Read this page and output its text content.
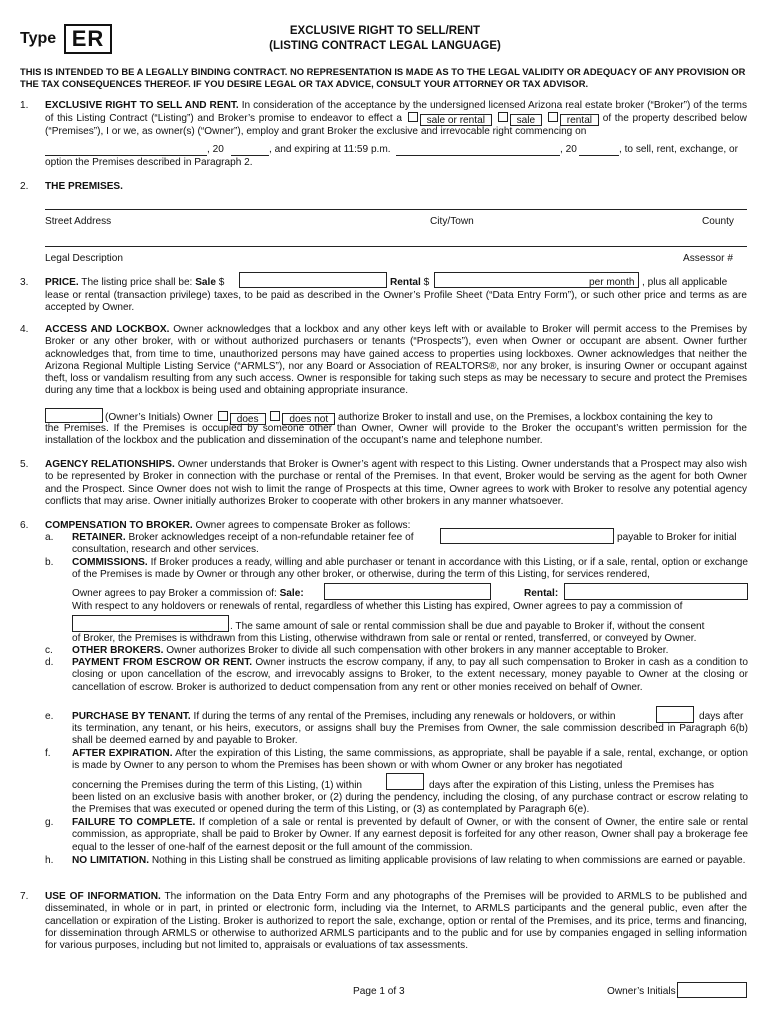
Type ER	EXCLUSIVE RIGHT TO SELL/RENT
(LISTING CONTRACT LEGAL LANGUAGE)
THIS IS INTENDED TO BE A LEGALLY BINDING CONTRACT. NO REPRESENTATION IS MADE AS TO THE LEGAL VALIDITY OR ADEQUACY OF ANY PROVISION OR THE TAX CONSEQUENCES THEREOF. IF YOU DESIRE LEGAL OR TAX ADVICE, CONSULT YOUR ATTORNEY OR TAX ADVISOR.
1. EXCLUSIVE RIGHT TO SELL AND RENT. In consideration of the acceptance by the undersigned licensed Arizona real estate broker (“Broker”) of the terms of this Listing Contract (“Listing”) and Broker’s promise to endeavor to effect a sale or rental	sale	rental of the property described below (“Premises”), I or we, as owner(s) (“Owner”), employ and grant Broker the exclusive and irrevocable right commencing on
, 20	, and expiring at 11:59 p.m.	, 20	, to sell, rent, exchange, or
option the Premises described in Paragraph 2.
2. THE PREMISES.
Street Address	City/Town	County
Legal Description	Assessor #
3. PRICE. The listing price shall be: Sale $	Rental $	per month , plus all applicable
lease or rental (transaction privilege) taxes, to be paid as described in the Owner’s Profile Sheet (“Data Entry Form”), or such other price and terms as are accepted by Owner.
4. ACCESS AND LOCKBOX. Owner acknowledges that a lockbox and any other keys left with or available to Broker will permit access to the Premises by Broker or any other broker, with or without authorized purchasers or tenants (“Prospects”), even when Owner or occupant are absent. Owner further acknowledges that, from time to time, unauthorized persons may have gained access to properties using lockboxes. Owner acknowledges that neither the Arizona Regional Multiple Listing Service (“ARMLS”), nor any Board or Association of REALTORS®, nor any broker, is insuring Owner or occupant against theft, loss or vandalism resulting from any such access. Owner is responsible for taking such steps as may be necessary to secure and protect the Premises during any time that a lockbox is being used and obtaining appropriate insurance.
(Owner’s Initials) Owner does	does not authorize Broker to install and use, on the Premises, a lockbox containing the key to
the Premises. If the Premises is occupied by someone other than Owner, Owner will provide to the Broker the occupant’s written permission for the installation of the lockbox and the publication and dissemination of the occupant’s name and telephone number.
5. AGENCY RELATIONSHIPS. Owner understands that Broker is Owner’s agent with respect to this Listing. Owner understands that a Prospect may also wish to be represented by Broker in connection with the purchase or rental of the Premises. In that event, Broker would be serving as the agent for both Owner and the Prospect. Since Owner does not wish to limit the range of Prospects at this time, Owner agrees to work with Broker to resolve any potential agency conflicts that may arise. Owner initially authorizes Broker to cooperate with other brokers in any manner whatsoever.
6. COMPENSATION TO BROKER. Owner agrees to compensate Broker as follows:
a. RETAINER. Broker acknowledges receipt of a non-refundable retainer fee of	payable to Broker for initial
consultation, research and other services.
b. COMMISSIONS. If Broker produces a ready, willing and able purchaser or tenant in accordance with this Listing, or if a sale, rental, option or exchange of the Premises is made by Owner or through any other broker, or otherwise, during the term of this Listing, for services rendered,
Owner agrees to pay Broker a commission of: Sale:	Rental:
With respect to any holdovers or renewals of rental, regardless of whether this Listing has expired, Owner agrees to pay a commission of
. The same amount of sale or rental commission shall be due and payable to Broker if, without the consent
of Broker, the Premises is withdrawn from this Listing, otherwise withdrawn from sale or rental or rented, transferred, or conveyed by Owner.
c. OTHER BROKERS. Owner authorizes Broker to divide all such compensation with other brokers in any manner acceptable to Broker.
d. PAYMENT FROM ESCROW OR RENT. Owner instructs the escrow company, if any, to pay all such compensation to Broker in cash as a condition to closing or upon cancellation of the escrow, and irrevocably assigns to Broker, to the extent necessary, money payable to Owner at the closing or cancellation of escrow. Broker is authorized to deduct compensation from any rent or other monies received on behalf of Owner.
e. PURCHASE BY TENANT. If during the terms of any rental of the Premises, including any renewals or holdovers, or within	days after
its termination, any tenant, or his heirs, executors, or assigns shall buy the Premises from Owner, the sale commission described in Paragraph 6(b) shall be deemed earned by and payable to Broker.
f. AFTER EXPIRATION. After the expiration of this Listing, the same commissions, as appropriate, shall be payable if a sale, rental, exchange, or option is made by Owner to any person to whom the Premises has been shown or with whom Owner or any broker has negotiated
concerning the Premises during the term of this Listing, (1) within	days after the expiration of this Listing, unless the Premises has
been listed on an exclusive basis with another broker, or (2) during the pendency, including the closing, of any purchase contract or escrow relating to the Premises that was executed or opened during the term of this Listing, or (3) as contemplated by Paragraph 6(e).
g. FAILURE TO COMPLETE. If completion of a sale or rental is prevented by default of Owner, or with the consent of Owner, the entire sale or rental commission, as appropriate, shall be paid to Broker by Owner. If any earnest deposit is forfeited for any other reason, Owner shall pay a brokerage fee equal to the lesser of one-half of the earnest deposit or the full amount of the commission.
h. NO LIMITATION. Nothing in this Listing shall be construed as limiting applicable provisions of law relating to when commissions are earned or payable.
7. USE OF INFORMATION. The information on the Data Entry Form and any photographs of the Premises will be provided to ARMLS to be published and disseminated, in whole or in part, in printed or electronic form, including via the Internet, to ARMLS participants and the general public, even after the cancellation or expiration of the Listing. Broker is authorized to report the sale, exchange, option or rental of the Premises, and its price, terms and financing, for dissemination through ARMLS or otherwise to authorized ARMLS participants and to the public and for use by companies engaged in selling information for various purposes, including but not limited to, appraisals or evaluations of tax assessments.
Page 1 of 3	Owner’s Initials
